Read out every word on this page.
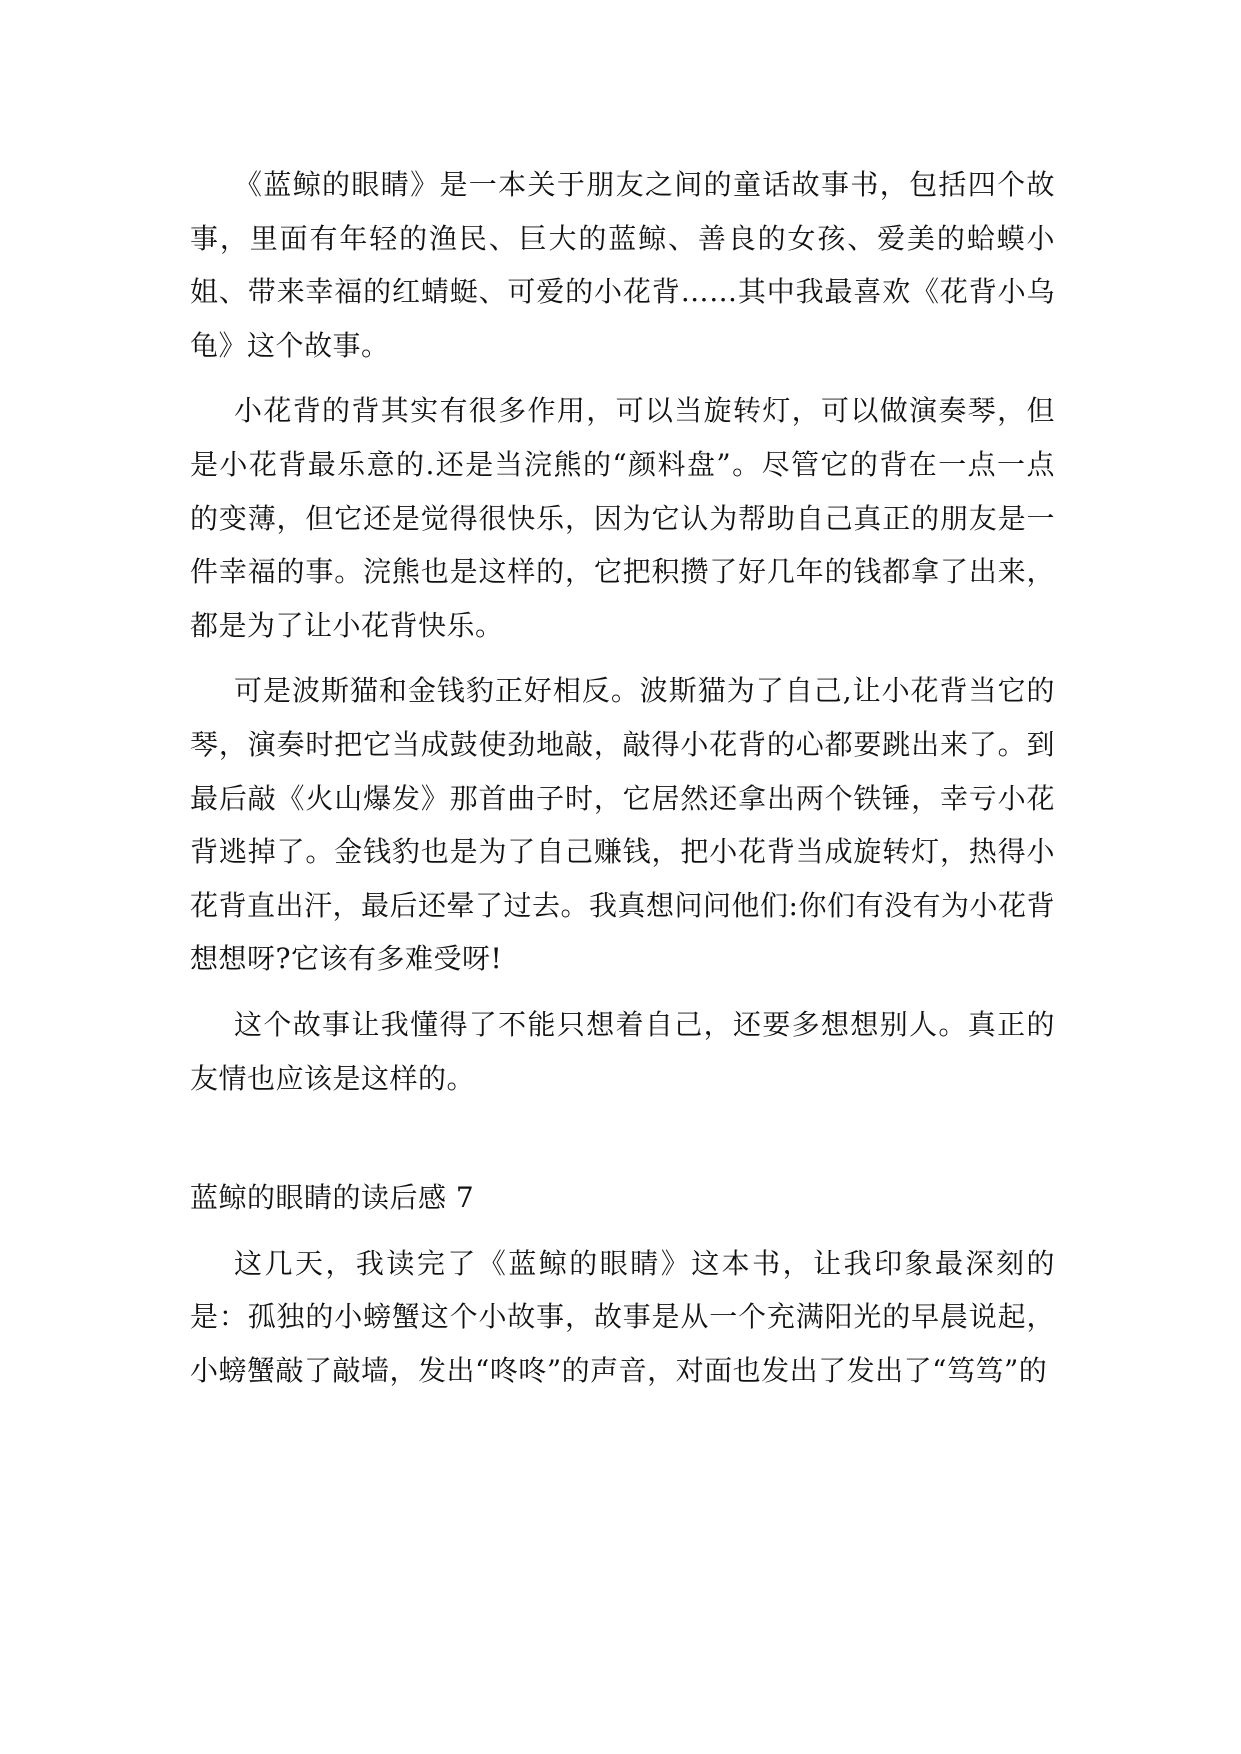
《蓝鲸的眼睛》是一本关于朋友之间的童话故事书，包括四个故事，里面有年轻的渔民、巨大的蓝鲸、善良的女孩、爱美的蛤蟆小姐、带来幸福的红蜻蜓、可爱的小花背……其中我最喜欢《花背小乌龟》这个故事。

小花背的背其实有很多作用，可以当旋转灯，可以做演奏琴，但是小花背最乐意的.还是当浣熊的“颜料盘”。尽管它的背在一点一点的变薄，但它还是觉得很快乐，因为它认为帮助自己真正的朋友是一件幸福的事。浣熊也是这样的，它把积攒了好几年的钱都拿了出来，都是为了让小花背快乐。

可是波斯猫和金钱豹正好相反。波斯猫为了自己,让小花背当它的琴，演奏时把它当成鼓使劲地敲，敲得小花背的心都要跳出来了。到最后敲《火山爆发》那首曲子时，它居然还拿出两个铁锤，幸亏小花背逃掉了。金钱豹也是为了自己赚钱，把小花背当成旋转灯，热得小花背直出汗，最后还晕了过去。我真想问问他们:你们有没有为小花背想想呀?它该有多难受呀!

这个故事让我懂得了不能只想着自己，还要多想想别人。真正的友情也应该是这样的。

蓝鲸的眼睛的读后感 7

这几天，我读完了《蓝鲸的眼睛》这本书，让我印象最深刻的是：孤独的小螃蟹这个小故事，故事是从一个充满阳光的早晨说起，小螃蟹敲了敲墙，发出“咚咚”的声音，对面也发出了发出了“笃笃”的
